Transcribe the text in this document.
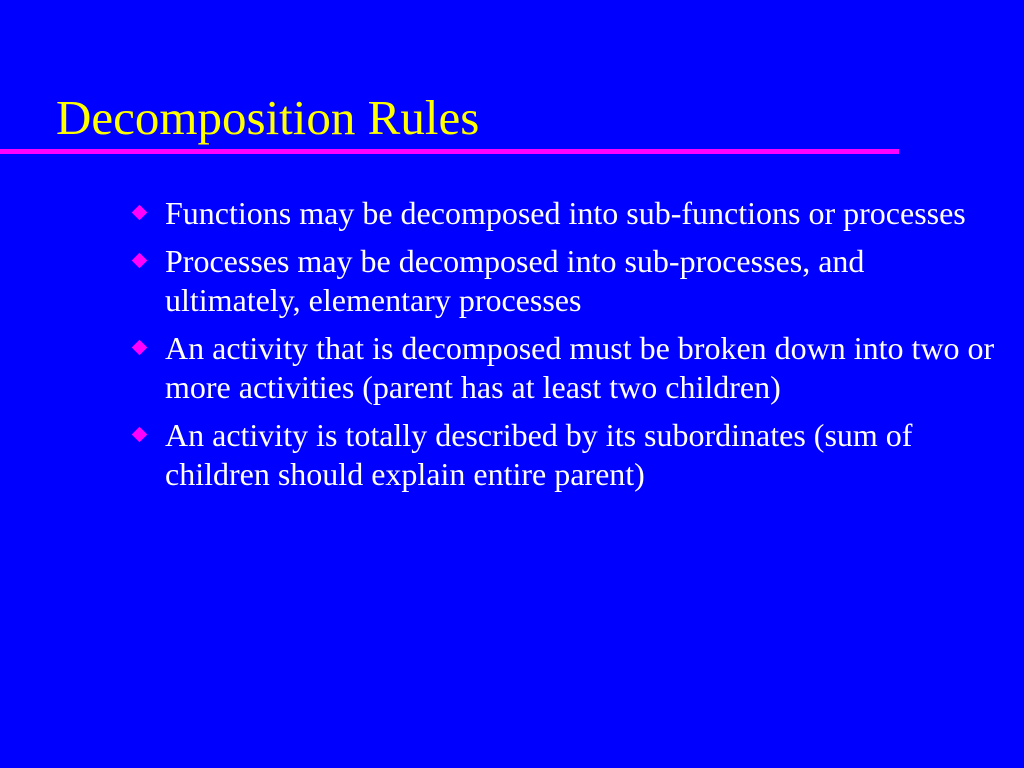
Decomposition Rules
Functions may be decomposed into sub-functions or processes
Processes may be decomposed into sub-processes, and ultimately, elementary processes
An activity that is decomposed must be broken down into two or more activities (parent has at least two children)
An activity is totally described by its subordinates (sum of children should explain entire parent)
